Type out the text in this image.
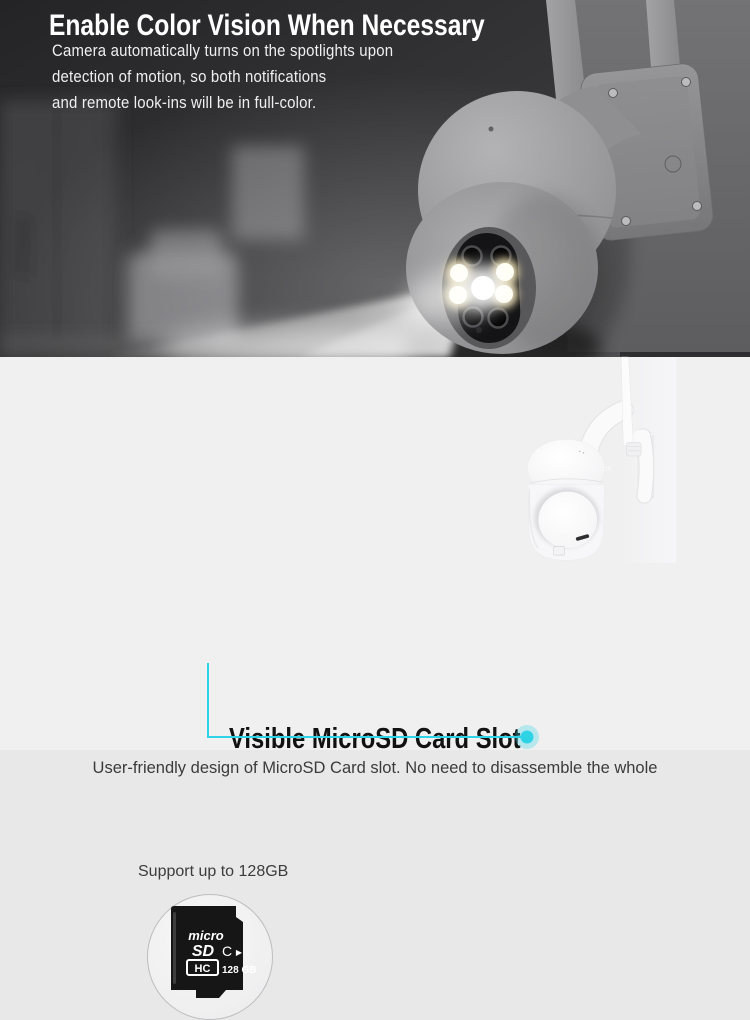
Enable Color Vision When Necessary

Camera automatically turns on the spotlights upon
detection of motion, so both notifications
and remote look-ins will be in full-color.

Visible MicroSD Card Slot

User-friendly design of MicroSD Card slot. No need to disassemble the whole

Support up to 128GB
micro
SD
HC
C ▶
128 GB
128
